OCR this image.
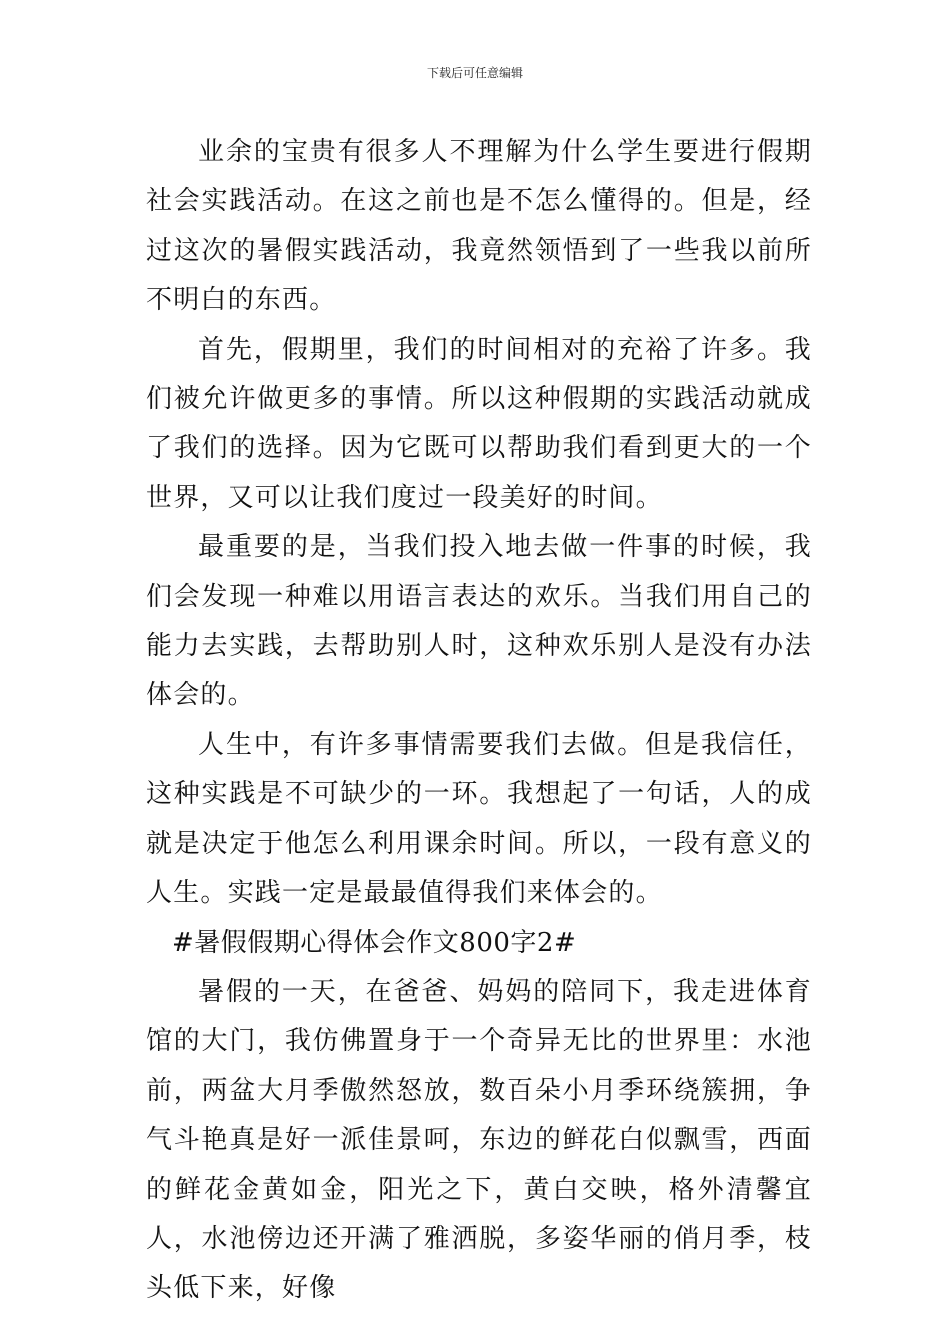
下载后可任意编辑

业余的宝贵有很多人不理解为什么学生要进行假期社会实践活动。在这之前也是不怎么懂得的。但是，经过这次的暑假实践活动，我竟然领悟到了一些我以前所不明白的东西。

首先，假期里，我们的时间相对的充裕了许多。我们被允许做更多的事情。所以这种假期的实践活动就成了我们的选择。因为它既可以帮助我们看到更大的一个世界，又可以让我们度过一段美好的时间。

最重要的是，当我们投入地去做一件事的时候，我们会发现一种难以用语言表达的欢乐。当我们用自己的能力去实践，去帮助别人时，这种欢乐别人是没有办法体会的。

人生中，有许多事情需要我们去做。但是我信任，这种实践是不可缺少的一环。我想起了一句话，人的成就是决定于他怎么利用课余时间。所以，一段有意义的人生。实践一定是最最值得我们来体会的。

#暑假假期心得体会作文800字2#

暑假的一天，在爸爸、妈妈的陪同下，我走进体育馆的大门，我仿佛置身于一个奇异无比的世界里：水池前，两盆大月季傲然怒放，数百朵小月季环绕簇拥，争气斗艳真是好一派佳景呵，东边的鲜花白似飘雪，西面的鲜花金黄如金，阳光之下，黄白交映，格外清馨宜人，水池傍边还开满了雅洒脱，多姿华丽的俏月季，枝头低下来，好像
